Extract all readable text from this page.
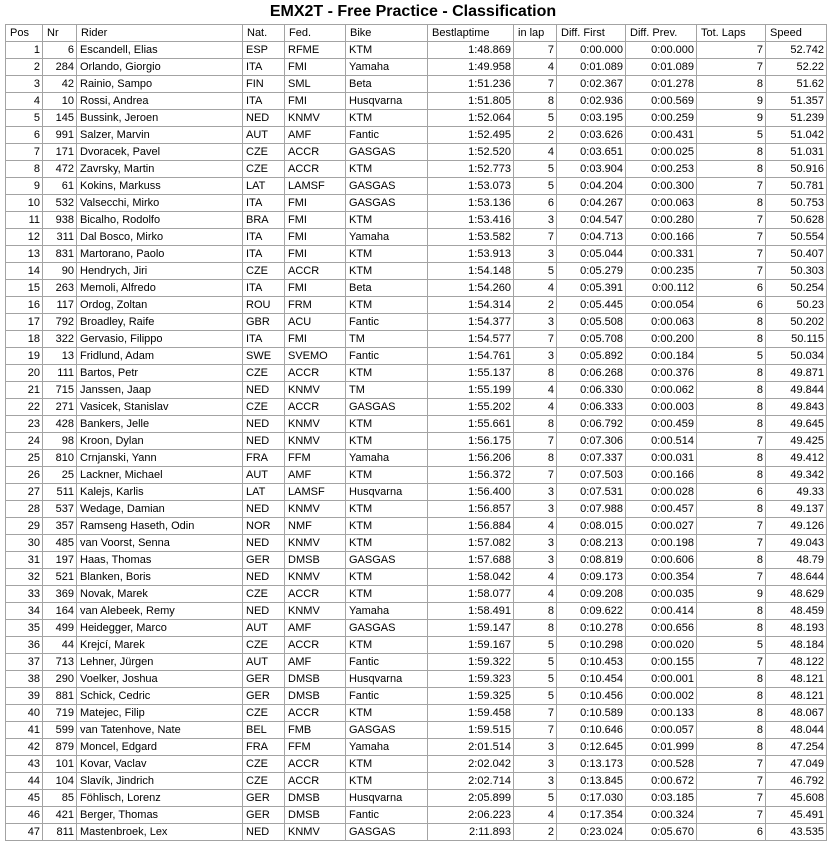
EMX2T - Free Practice - Classification
Pos	Nr	Rider	Nat.	Fed.	Bike	Bestlaptime	in lap	Diff. First	Diff. Prev.	Tot. Laps	Speed
1	6	Escandell, Elias	ESP	RFME	KTM	1:48.869	7	0:00.000	0:00.000	7	52.742
2	284	Orlando, Giorgio	ITA	FMI	Yamaha	1:49.958	4	0:01.089	0:01.089	7	52.22
3	42	Rainio, Sampo	FIN	SML	Beta	1:51.236	7	0:02.367	0:01.278	8	51.62
4	10	Rossi, Andrea	ITA	FMI	Husqvarna	1:51.805	8	0:02.936	0:00.569	9	51.357
5	145	Bussink, Jeroen	NED	KNMV	KTM	1:52.064	5	0:03.195	0:00.259	9	51.239
6	991	Salzer, Marvin	AUT	AMF	Fantic	1:52.495	2	0:03.626	0:00.431	5	51.042
7	171	Dvoracek, Pavel	CZE	ACCR	GASGAS	1:52.520	4	0:03.651	0:00.025	8	51.031
8	472	Zavrsky, Martin	CZE	ACCR	KTM	1:52.773	5	0:03.904	0:00.253	8	50.916
9	61	Kokins, Markuss	LAT	LAMSF	GASGAS	1:53.073	5	0:04.204	0:00.300	7	50.781
10	532	Valsecchi, Mirko	ITA	FMI	GASGAS	1:53.136	6	0:04.267	0:00.063	8	50.753
11	938	Bicalho, Rodolfo	BRA	FMI	KTM	1:53.416	3	0:04.547	0:00.280	7	50.628
12	311	Dal Bosco, Mirko	ITA	FMI	Yamaha	1:53.582	7	0:04.713	0:00.166	7	50.554
13	831	Martorano, Paolo	ITA	FMI	KTM	1:53.913	3	0:05.044	0:00.331	7	50.407
14	90	Hendrych, Jiri	CZE	ACCR	KTM	1:54.148	5	0:05.279	0:00.235	7	50.303
15	263	Memoli, Alfredo	ITA	FMI	Beta	1:54.260	4	0:05.391	0:00.112	6	50.254
16	117	Ordog, Zoltan	ROU	FRM	KTM	1:54.314	2	0:05.445	0:00.054	6	50.23
17	792	Broadley, Raife	GBR	ACU	Fantic	1:54.377	3	0:05.508	0:00.063	8	50.202
18	322	Gervasio, Filippo	ITA	FMI	TM	1:54.577	7	0:05.708	0:00.200	8	50.115
19	13	Fridlund, Adam	SWE	SVEMO	Fantic	1:54.761	3	0:05.892	0:00.184	5	50.034
20	111	Bartos, Petr	CZE	ACCR	KTM	1:55.137	8	0:06.268	0:00.376	8	49.871
21	715	Janssen, Jaap	NED	KNMV	TM	1:55.199	4	0:06.330	0:00.062	8	49.844
22	271	Vasicek, Stanislav	CZE	ACCR	GASGAS	1:55.202	4	0:06.333	0:00.003	8	49.843
23	428	Bankers, Jelle	NED	KNMV	KTM	1:55.661	8	0:06.792	0:00.459	8	49.645
24	98	Kroon, Dylan	NED	KNMV	KTM	1:56.175	7	0:07.306	0:00.514	7	49.425
25	810	Crnjanski, Yann	FRA	FFM	Yamaha	1:56.206	8	0:07.337	0:00.031	8	49.412
26	25	Lackner, Michael	AUT	AMF	KTM	1:56.372	7	0:07.503	0:00.166	8	49.342
27	511	Kalejs, Karlis	LAT	LAMSF	Husqvarna	1:56.400	3	0:07.531	0:00.028	6	49.33
28	537	Wedage, Damian	NED	KNMV	KTM	1:56.857	3	0:07.988	0:00.457	8	49.137
29	357	Ramseng Haseth, Odin	NOR	NMF	KTM	1:56.884	4	0:08.015	0:00.027	7	49.126
30	485	van Voorst, Senna	NED	KNMV	KTM	1:57.082	3	0:08.213	0:00.198	7	49.043
31	197	Haas, Thomas	GER	DMSB	GASGAS	1:57.688	3	0:08.819	0:00.606	8	48.79
32	521	Blanken, Boris	NED	KNMV	KTM	1:58.042	4	0:09.173	0:00.354	7	48.644
33	369	Novak, Marek	CZE	ACCR	KTM	1:58.077	4	0:09.208	0:00.035	9	48.629
34	164	van Alebeek, Remy	NED	KNMV	Yamaha	1:58.491	8	0:09.622	0:00.414	8	48.459
35	499	Heidegger, Marco	AUT	AMF	GASGAS	1:59.147	8	0:10.278	0:00.656	8	48.193
36	44	Krejcí, Marek	CZE	ACCR	KTM	1:59.167	5	0:10.298	0:00.020	5	48.184
37	713	Lehner, Jürgen	AUT	AMF	Fantic	1:59.322	5	0:10.453	0:00.155	7	48.122
38	290	Voelker, Joshua	GER	DMSB	Husqvarna	1:59.323	5	0:10.454	0:00.001	8	48.121
39	881	Schick, Cedric	GER	DMSB	Fantic	1:59.325	5	0:10.456	0:00.002	8	48.121
40	719	Matejec, Filip	CZE	ACCR	KTM	1:59.458	7	0:10.589	0:00.133	8	48.067
41	599	van Tatenhove, Nate	BEL	FMB	GASGAS	1:59.515	7	0:10.646	0:00.057	8	48.044
42	879	Moncel, Edgard	FRA	FFM	Yamaha	2:01.514	3	0:12.645	0:01.999	8	47.254
43	101	Kovar, Vaclav	CZE	ACCR	KTM	2:02.042	3	0:13.173	0:00.528	7	47.049
44	104	Slavík, Jindrich	CZE	ACCR	KTM	2:02.714	3	0:13.845	0:00.672	7	46.792
45	85	Föhlisch, Lorenz	GER	DMSB	Husqvarna	2:05.899	5	0:17.030	0:03.185	7	45.608
46	421	Berger, Thomas	GER	DMSB	Fantic	2:06.223	4	0:17.354	0:00.324	7	45.491
47	811	Mastenbroek, Lex	NED	KNMV	GASGAS	2:11.893	2	0:23.024	0:05.670	6	43.535
